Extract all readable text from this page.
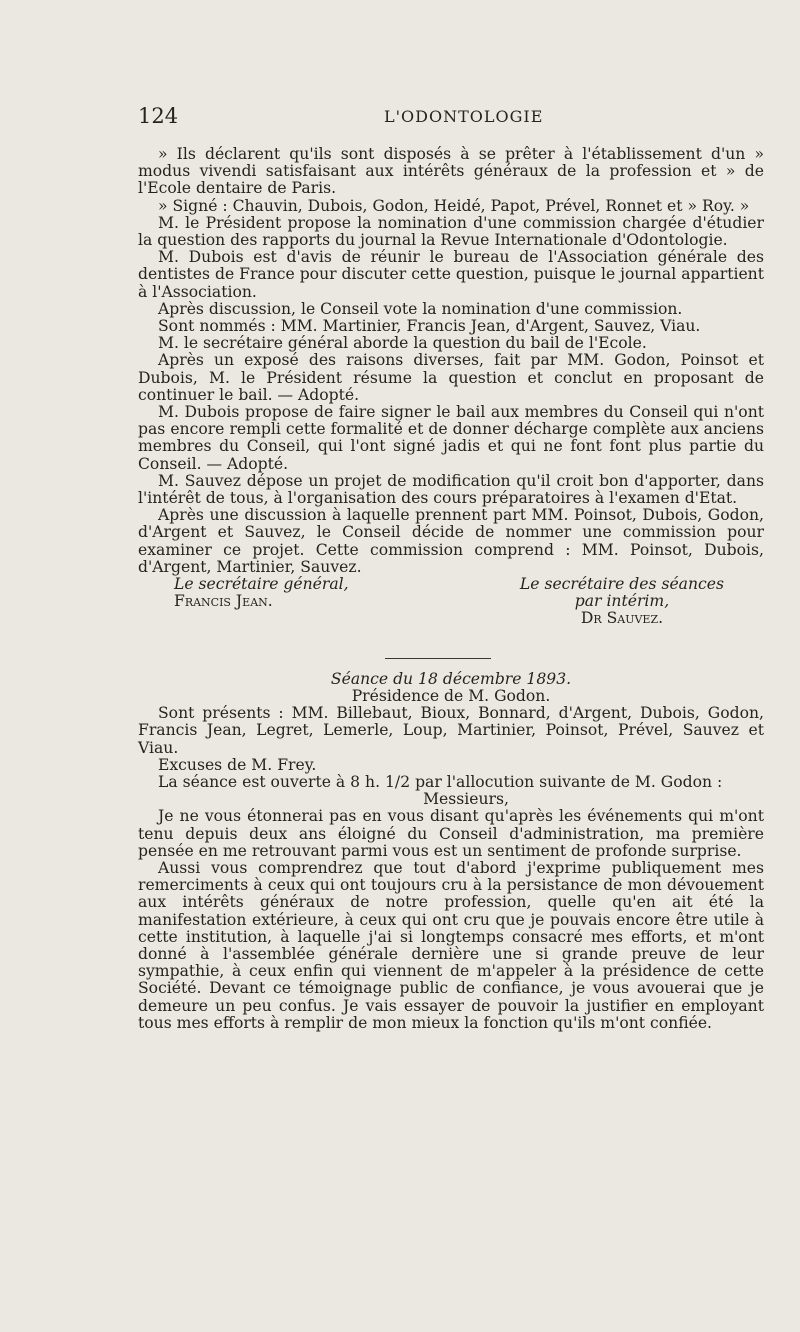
124	L'ODONTOLOGIE

» Ils déclarent qu'ils sont disposés à se prêter à l'établissement d'un » modus vivendi satisfaisant aux intérêts généraux de la profession et » de l'Ecole dentaire de Paris.

» Signé : Chauvin, Dubois, Godon, Heidé, Papot, Prével, Ronnet et » Roy. »

M. le Président propose la nomination d'une commission chargée d'étudier la question des rapports du journal la Revue Internationale d'Odontologie.

M. Dubois est d'avis de réunir le bureau de l'Association générale des dentistes de France pour discuter cette question, puisque le journal appartient à l'Association.

Après discussion, le Conseil vote la nomination d'une commission.

Sont nommés : MM. Martinier, Francis Jean, d'Argent, Sauvez, Viau.

M. le secrétaire général aborde la question du bail de l'Ecole.

Après un exposé des raisons diverses, fait par MM. Godon, Poinsot et Dubois, M. le Président résume la question et conclut en proposant de continuer le bail. — Adopté.

M. Dubois propose de faire signer le bail aux membres du Conseil qui n'ont pas encore rempli cette formalité et de donner décharge complète aux anciens membres du Conseil, qui l'ont signé jadis et qui ne font font plus partie du Conseil. — Adopté.

M. Sauvez dépose un projet de modification qu'il croit bon d'apporter, dans l'intérêt de tous, à l'organisation des cours préparatoires à l'examen d'Etat.

Après une discussion à laquelle prennent part MM. Poinsot, Dubois, Godon, d'Argent et Sauvez, le Conseil décide de nommer une commission pour examiner ce projet. Cette commission comprend : MM. Poinsot, Dubois, d'Argent, Martinier, Sauvez.

Le secrétaire général,
Francis Jean.
Le secrétaire des séances
par intérim,
Dr Sauvez.
Séance du 18 décembre 1893.
Présidence de M. Godon.

Sont présents : MM. Billebaut, Bioux, Bonnard, d'Argent, Dubois, Godon, Francis Jean, Legret, Lemerle, Loup, Martinier, Poinsot, Prével, Sauvez et Viau.

Excuses de M. Frey.

La séance est ouverte à 8 h. 1/2 par l'allocution suivante de M. Godon :

Messieurs,

Je ne vous étonnerai pas en vous disant qu'après les événements qui m'ont tenu depuis deux ans éloigné du Conseil d'administration, ma première pensée en me retrouvant parmi vous est un sentiment de profonde surprise.

Aussi vous comprendrez que tout d'abord j'exprime publiquement mes remerciments à ceux qui ont toujours cru à la persistance de mon dévouement aux intérêts généraux de notre profession, quelle qu'en ait été la manifestation extérieure, à ceux qui ont cru que je pouvais encore être utile à cette institution, à laquelle j'ai si longtemps consacré mes efforts, et m'ont donné à l'assemblée générale dernière une si grande preuve de leur sympathie, à ceux enfin qui viennent de m'appeler à la présidence de cette Société. Devant ce témoignage public de confiance, je vous avouerai que je demeure un peu confus. Je vais essayer de pouvoir la justifier en employant tous mes efforts à remplir de mon mieux la fonction qu'ils m'ont confiée.
